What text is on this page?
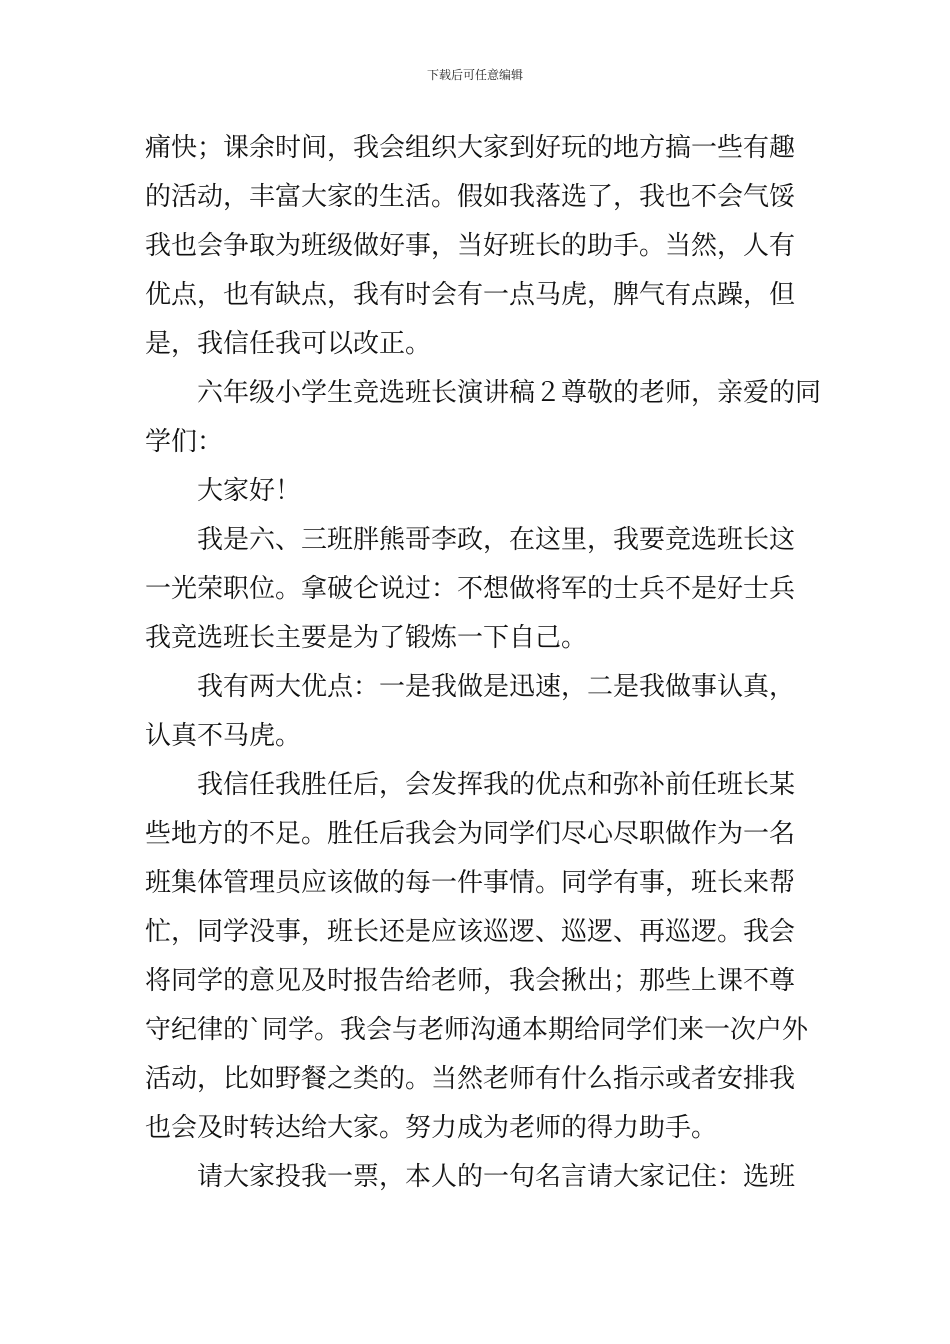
下载后可任意编辑
痛快；课余时间，我会组织大家到好玩的地方搞一些有趣
的活动，丰富大家的生活。假如我落选了，我也不会气馁
我也会争取为班级做好事，当好班长的助手。当然，人有
优点，也有缺点，我有时会有一点马虎，脾气有点躁，但
是，我信任我可以改正。
六年级小学生竞选班长演讲稿２尊敬的老师，亲爱的同
学们：
大家好！
我是六、三班胖熊哥李政，在这里，我要竞选班长这
一光荣职位。拿破仑说过：不想做将军的士兵不是好士兵
我竞选班长主要是为了锻炼一下自己。
我有两大优点：一是我做是迅速，二是我做事认真，
认真不马虎。
我信任我胜任后，会发挥我的优点和弥补前任班长某
些地方的不足。胜任后我会为同学们尽心尽职做作为一名
班集体管理员应该做的每一件事情。同学有事，班长来帮
忙，同学没事，班长还是应该巡逻、巡逻、再巡逻。我会
将同学的意见及时报告给老师，我会揪出；那些上课不尊
守纪律的`同学。我会与老师沟通本期给同学们来一次户外
活动，比如野餐之类的。当然老师有什么指示或者安排我
也会及时转达给大家。努力成为老师的得力助手。
请大家投我一票，本人的一句名言请大家记住：选班
